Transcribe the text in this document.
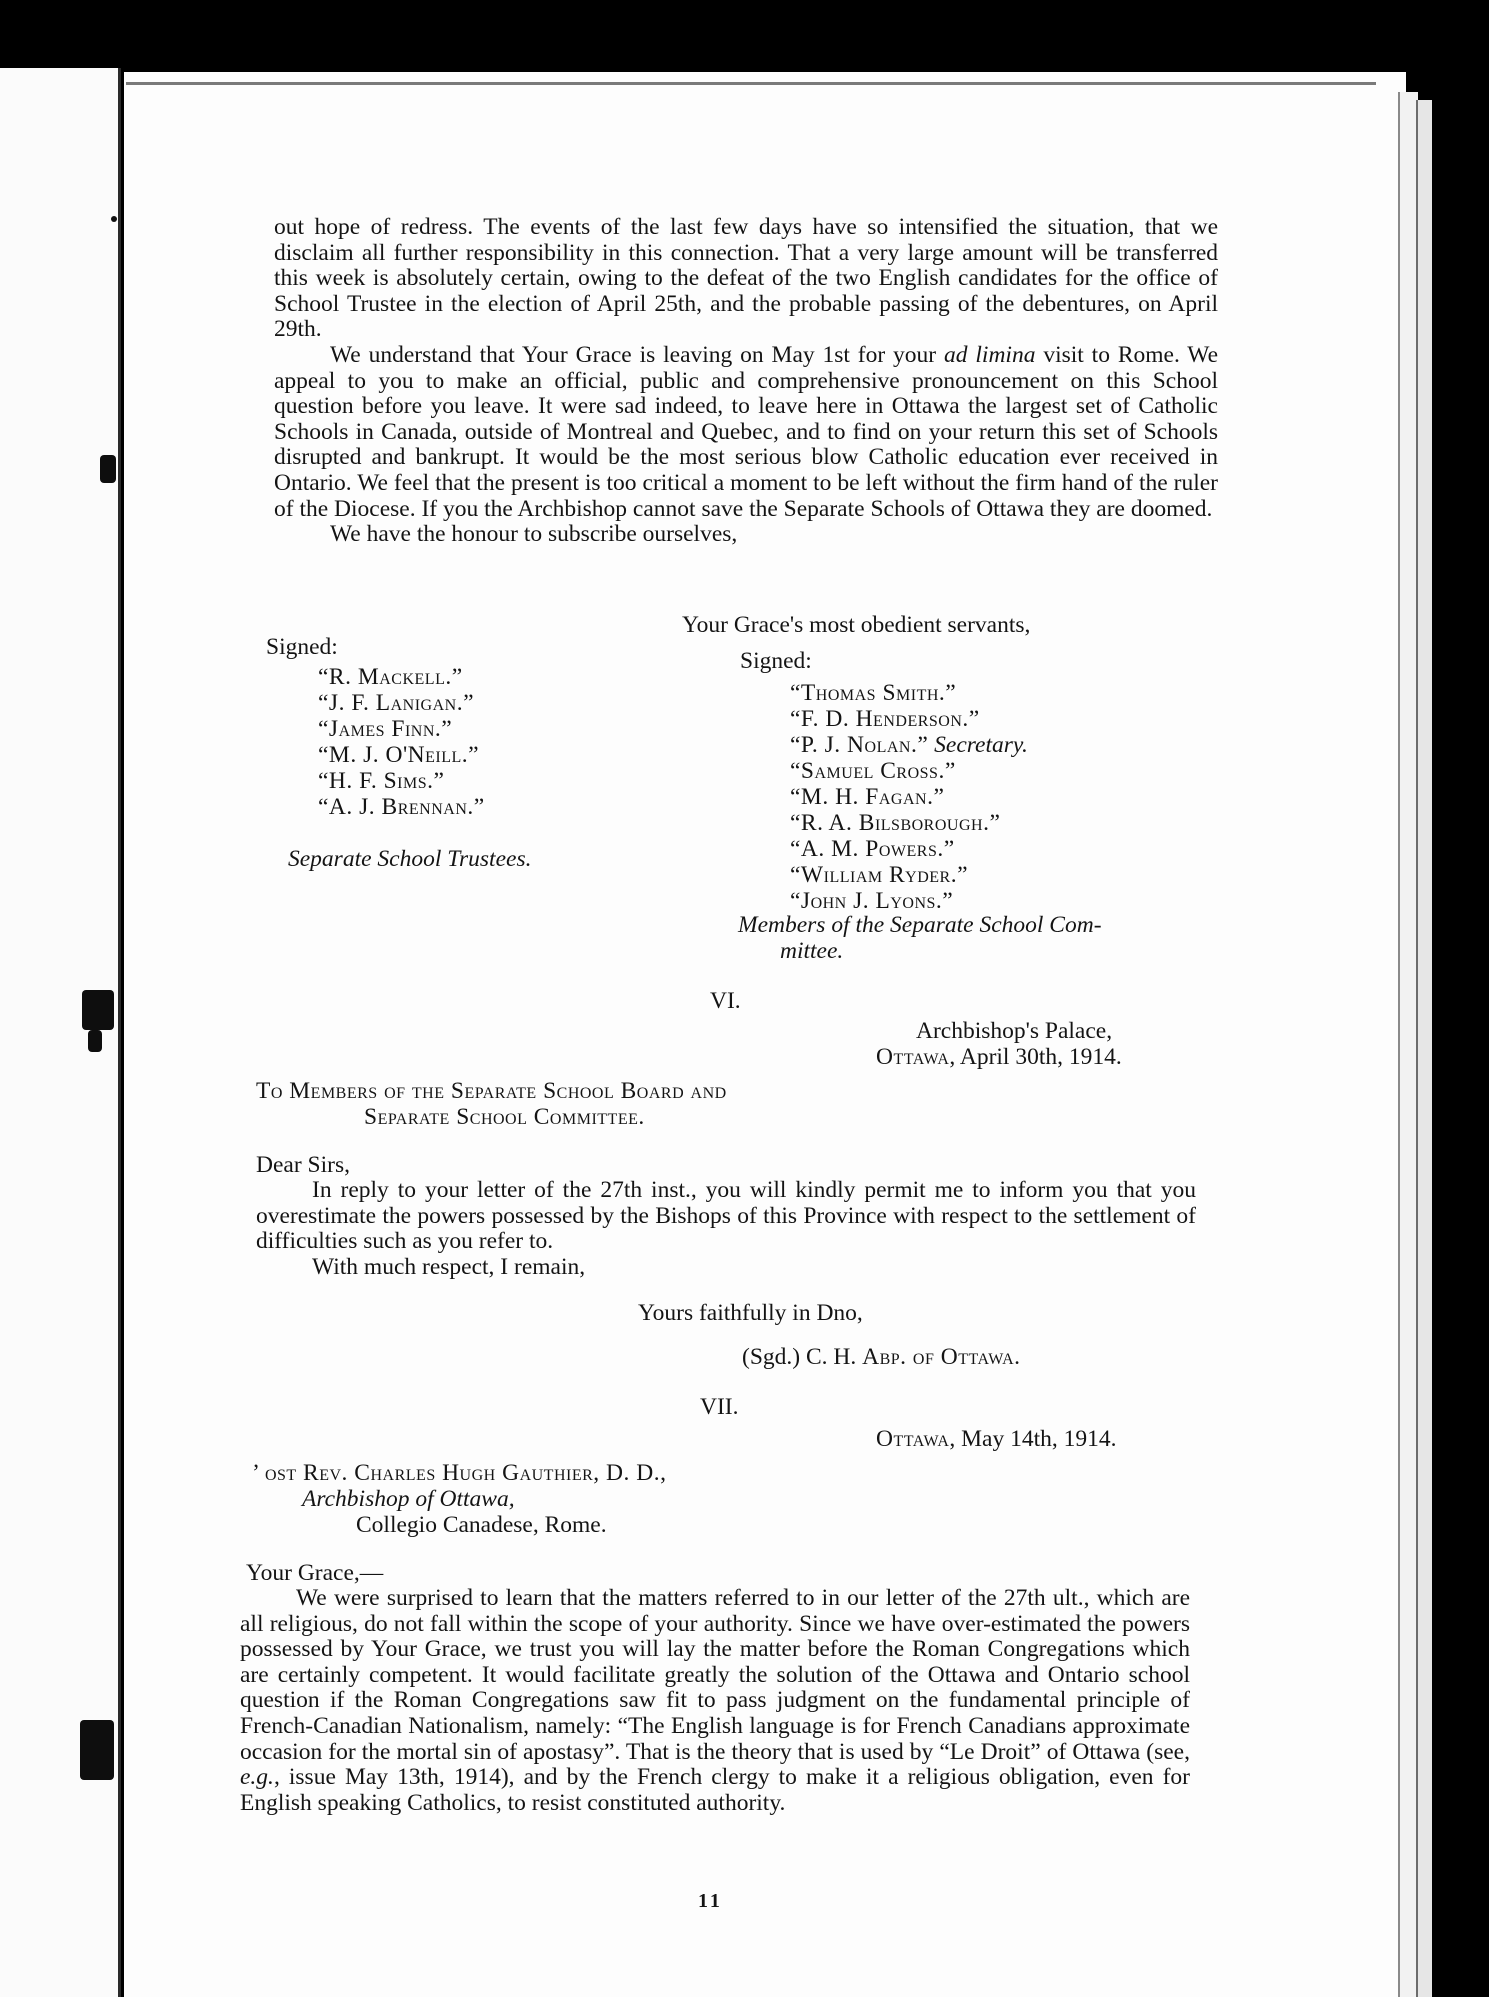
out hope of redress. The events of the last few days have so intensified the situation, that we disclaim all further responsibility in this connection. That a very large amount will be transferred this week is absolutely certain, owing to the defeat of the two English candidates for the office of School Trustee in the election of April 25th, and the probable passing of the debentures, on April 29th.

We understand that Your Grace is leaving on May 1st for your ad limina visit to Rome. We appeal to you to make an official, public and comprehensive pronouncement on this School question before you leave. It were sad indeed, to leave here in Ottawa the largest set of Catholic Schools in Canada, outside of Montreal and Quebec, and to find on your return this set of Schools disrupted and bankrupt. It would be the most serious blow Catholic education ever received in Ontario. We feel that the present is too critical a moment to be left without the firm hand of the ruler of the Diocese. If you the Archbishop cannot save the Separate Schools of Ottawa they are doomed.

We have the honour to subscribe ourselves,

Your Grace's most obedient servants,
Signed:
“R. Mackell.”
“J. F. Lanigan.”
“James Finn.”
“M. J. O'Neill.”
“H. F. Sims.”
“A. J. Brennan.”
Separate School Trustees.
Signed:
“Thomas Smith.”
“F. D. Henderson.”
“P. J. Nolan.” Secretary.
“Samuel Cross.”
“M. H. Fagan.”
“R. A. Bilsborough.”
“A. M. Powers.”
“William Ryder.”
“John J. Lyons.”
Members of the Separate School Com-
mittee.
VI.
Archbishop's Palace,
Ottawa, April 30th, 1914.
To Members of the Separate School Board and
Separate School Committee.
Dear Sirs,

In reply to your letter of the 27th inst., you will kindly permit me to inform you that you overestimate the powers possessed by the Bishops of this Province with respect to the settlement of difficulties such as you refer to.

With much respect, I remain,

Yours faithfully in Dno,
(Sgd.) C. H. Abp. of Ottawa.
VII.
Ottawa, May 14th, 1914.
’ ost Rev. Charles Hugh Gauthier, D. D.,
Archbishop of Ottawa,
Collegio Canadese, Rome.
Your Grace,—

We were surprised to learn that the matters referred to in our letter of the 27th ult., which are all religious, do not fall within the scope of your authority. Since we have over-estimated the powers possessed by Your Grace, we trust you will lay the matter before the Roman Congregations which are certainly competent. It would facilitate greatly the solution of the Ottawa and Ontario school question if the Roman Congregations saw fit to pass judgment on the fundamental principle of French-Canadian Nationalism, namely: “The English language is for French Canadians approximate occasion for the mortal sin of apostasy”. That is the theory that is used by “Le Droit” of Ottawa (see, e.g., issue May 13th, 1914), and by the French clergy to make it a religious obligation, even for English speaking Catholics, to resist constituted authority.

11
